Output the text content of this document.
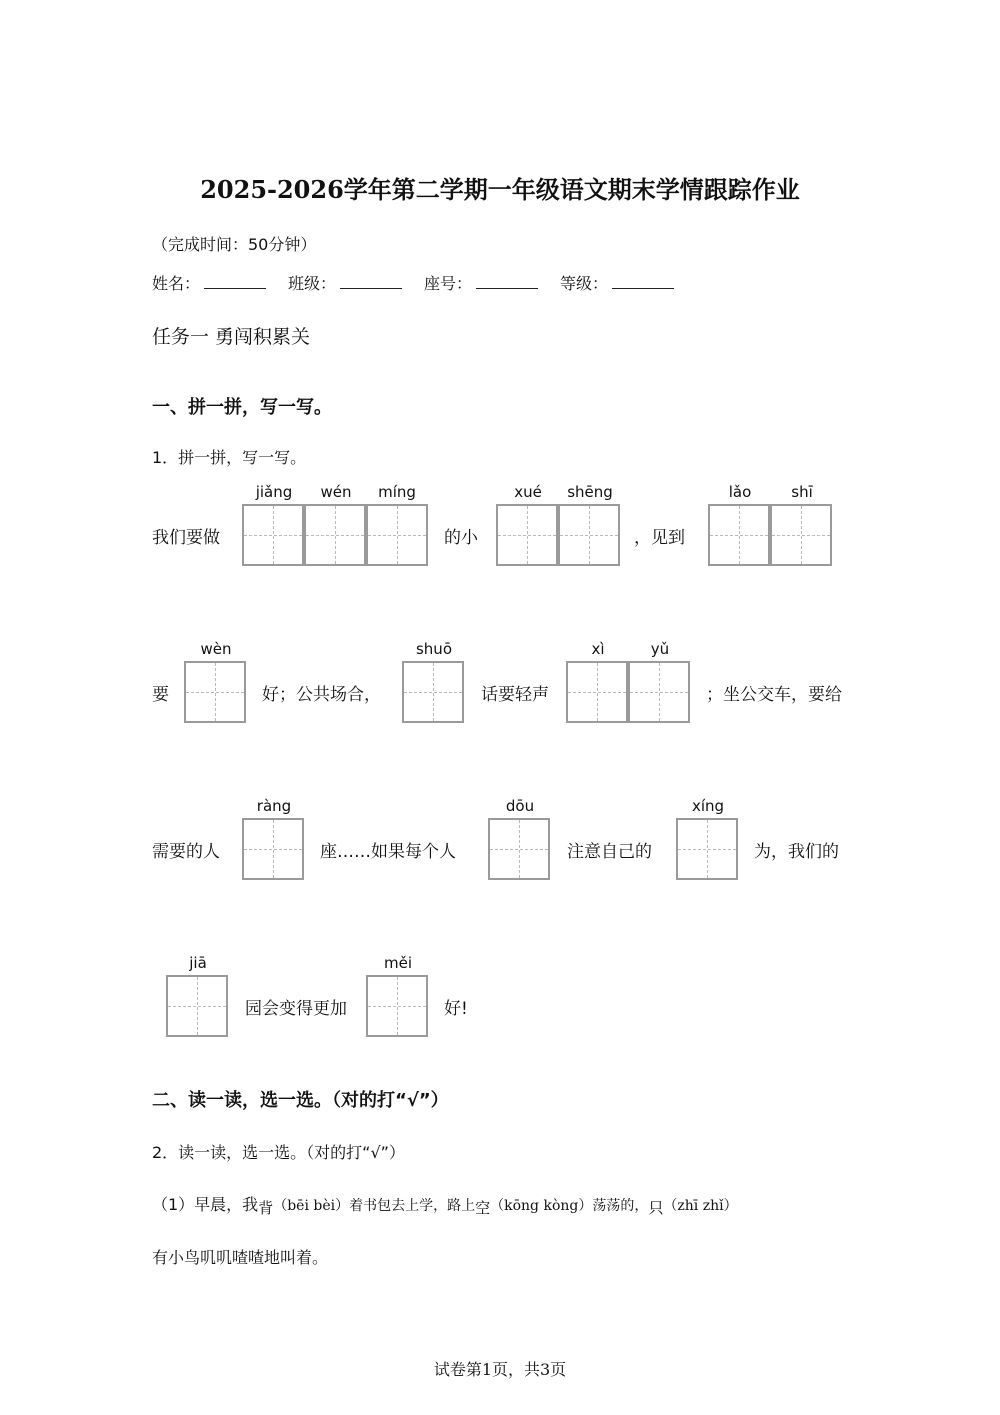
2025-2026学年第二学期一年级语文期末学情跟踪作业
（完成时间：50分钟）
姓名：	班级：	座号：	等级：
任务一 勇闯积累关
一、拼一拼，写一写。
1．拼一拼，写一写。
我们要做
jiǎng	wén	míng
的小
xué	shēng
，见到
lǎo	shī
要
wèn
好；公共场合，
shuō
话要轻声
xì	yǔ
；坐公交车，要给
需要的人
ràng
座……如果每个人
dōu
注意自己的
xíng
为，我们的
jiā
园会变得更加
měi
好!
二、读一读，选一选。（对的打“√”）
2．读一读，选一选。（对的打“√”）
（1）早晨，我背（bēi bèi）着书包去上学，路上空（kōng kòng）荡荡的，只（zhī zhǐ）
有小鸟叽叽喳喳地叫着。
试卷第1页，共3页
